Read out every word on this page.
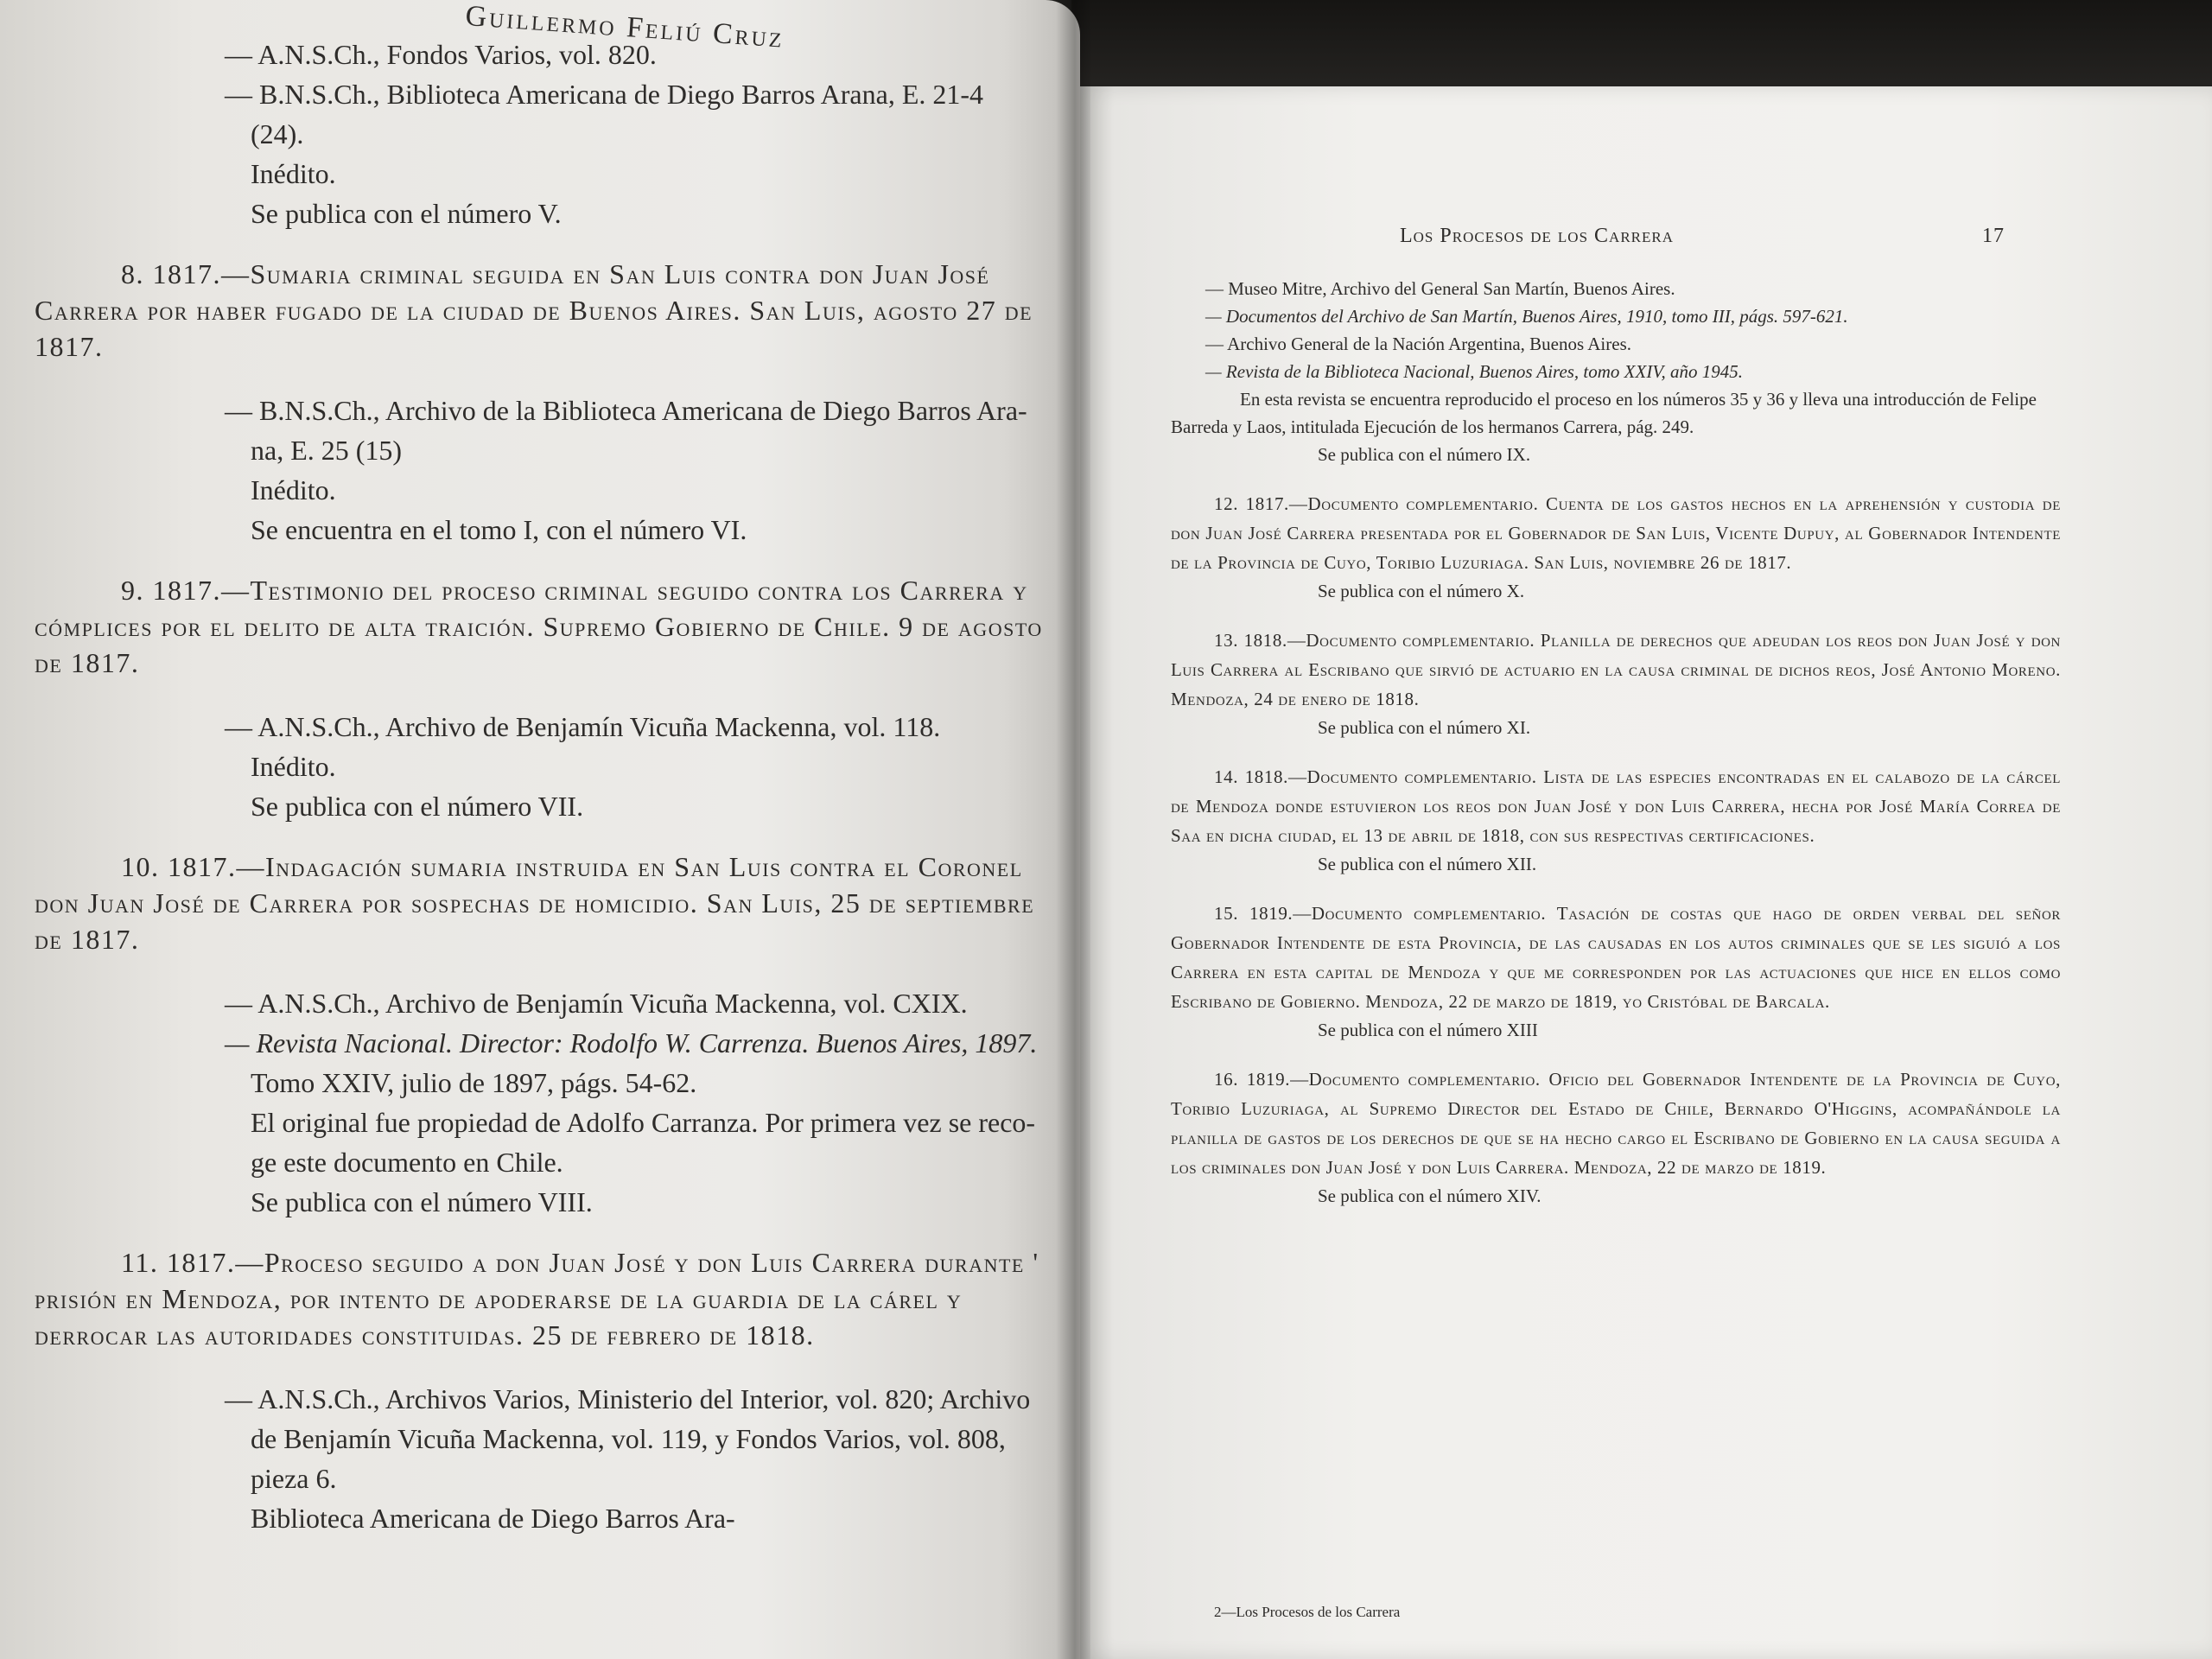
Guillermo Feliú Cruz

— A.N.S.Ch., Fondos Varios, vol. 820.

— B.N.S.Ch., Biblioteca Americana de Diego Barros Arana, E. 21-4

(24).

Inédito.

Se publica con el número V.

8. 1817.—Sumaria criminal seguida en San Luis contra don Juan José Carrera por haber fugado de la ciudad de Buenos Aires. San Luis, agosto 27 de 1817.

— B.N.S.Ch., Archivo de la Biblioteca Americana de Diego Barros Ara-

na, E. 25 (15)

Inédito.

Se encuentra en el tomo I, con el número VI.

9. 1817.—Testimonio del proceso criminal seguido contra los Carrera y cómplices por el delito de alta traición. Supremo Gobierno de Chile. 9 de agosto de 1817.

— A.N.S.Ch., Archivo de Benjamín Vicuña Mackenna, vol. 118.

Inédito.

Se publica con el número VII.

10. 1817.—Indagación sumaria instruida en San Luis contra el Coronel don Juan José de Carrera por sospechas de homicidio. San Luis, 25 de septiembre de 1817.

— A.N.S.Ch., Archivo de Benjamín Vicuña Mackenna, vol. CXIX.

— Revista Nacional. Director: Rodolfo W. Carrenza. Buenos Aires, 1897.

Tomo XXIV, julio de 1897, págs. 54-62.

El original fue propiedad de Adolfo Carranza. Por primera vez se reco-

ge este documento en Chile.

Se publica con el número VIII.

11. 1817.—Proceso seguido a don Juan José y don Luis Carrera durante ' prisión en Mendoza, por intento de apoderarse de la guardia de la cárel y derrocar las autoridades constituidas. 25 de febrero de 1818.

— A.N.S.Ch., Archivos Varios, Ministerio del Interior, vol. 820; Archivo

de Benjamín Vicuña Mackenna, vol. 119, y Fondos Varios, vol. 808,

pieza 6.

Biblioteca Americana de Diego Barros Ara-

Los Procesos de los Carrera	17

— Museo Mitre, Archivo del General San Martín, Buenos Aires.

— Documentos del Archivo de San Martín, Buenos Aires, 1910, tomo III, págs. 597-621.

— Archivo General de la Nación Argentina, Buenos Aires.

— Revista de la Biblioteca Nacional, Buenos Aires, tomo XXIV, año 1945.

En esta revista se encuentra reproducido el proceso en los números 35 y 36 y lleva una introducción de Felipe Barreda y Laos, intitulada Ejecución de los hermanos Carrera, pág. 249.

Se publica con el número IX.

12. 1817.—Documento complementario. Cuenta de los gastos hechos en la aprehensión y custodia de don Juan José Carrera presentada por el Gobernador de San Luis, Vicente Dupuy, al Gobernador Intendente de la Provincia de Cuyo, Toribio Luzuriaga. San Luis, noviembre 26 de 1817.

Se publica con el número X.

13. 1818.—Documento complementario. Planilla de derechos que adeudan los reos don Juan José y don Luis Carrera al Escribano que sirvió de actuario en la causa criminal de dichos reos, José Antonio Moreno. Mendoza, 24 de enero de 1818.

Se publica con el número XI.

14. 1818.—Documento complementario. Lista de las especies encontradas en el calabozo de la cárcel de Mendoza donde estuvieron los reos don Juan José y don Luis Carrera, hecha por José María Correa de Saa en dicha ciudad, el 13 de abril de 1818, con sus respectivas certificaciones.

Se publica con el número XII.

15. 1819.—Documento complementario. Tasación de costas que hago de orden verbal del señor Gobernador Intendente de esta Provincia, de las causadas en los autos criminales que se les siguió a los Carrera en esta capital de Mendoza y que me corresponden por las actuaciones que hice en ellos como Escribano de Gobierno. Mendoza, 22 de marzo de 1819, yo Cristóbal de Barcala.

Se publica con el número XIII

16. 1819.—Documento complementario. Oficio del Gobernador Intendente de la Provincia de Cuyo, Toribio Luzuriaga, al Supremo Director del Estado de Chile, Bernardo O'Higgins, acompañándole la planilla de gastos de los derechos de que se ha hecho cargo el Escribano de Gobierno en la causa seguida a los criminales don Juan José y don Luis Carrera. Mendoza, 22 de marzo de 1819.

Se publica con el número XIV.

2—Los Procesos de los Carrera
